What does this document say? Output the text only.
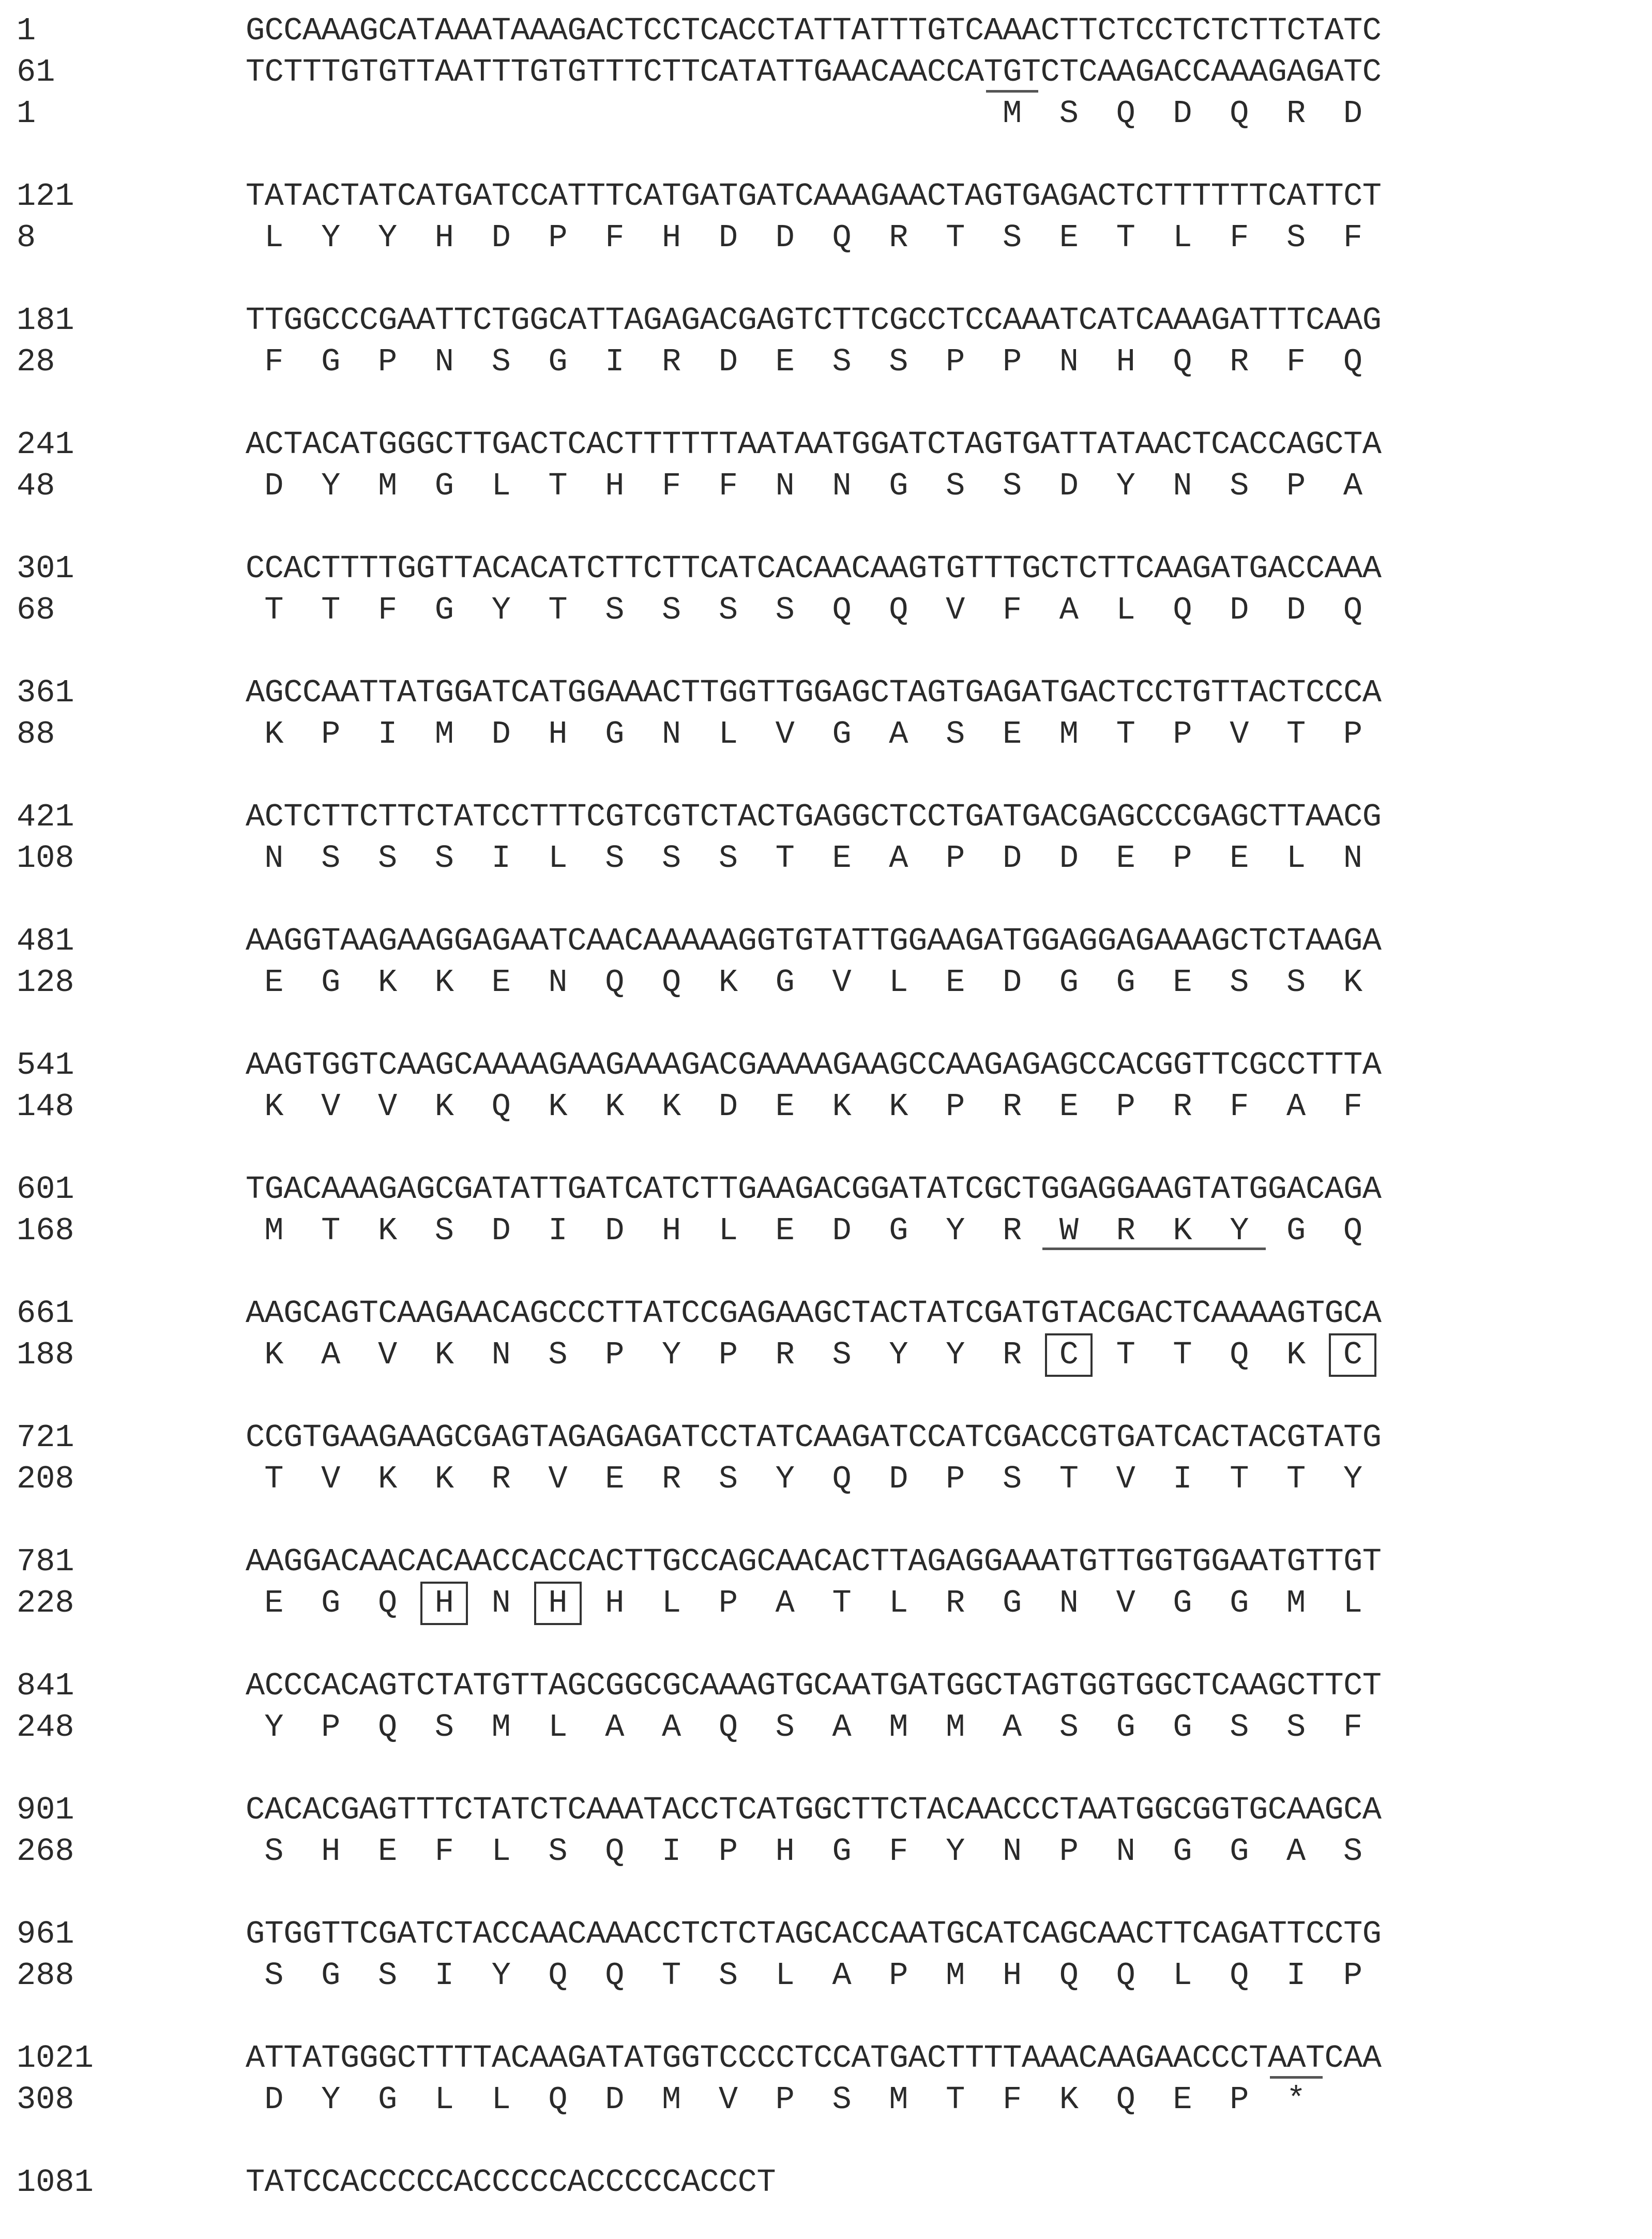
1	GCCAAAGCATAAATAAAGACTCCTCACCTATTATTTGTCAAACTTCTCCTCTCTTCTATC
61	TCTTTGTGTTAATTTGTGTTTCTTCATATTGAACAACCATGTCTCAAGACCAAAGAGATC
1	M	S	Q	D	Q	R	D
121	TATACTATCATGATCCATTTCATGATGATCAAAGAACTAGTGAGACTCTTTTTTCATTCT
8	L	Y	Y	H	D	P	F	H	D	D	Q	R	T	S	E	T	L	F	S	F
181	TTGGCCCGAATTCTGGCATTAGAGACGAGTCTTCGCCTCCAAATCATCAAAGATTTCAAG
28	F	G	P	N	S	G	I	R	D	E	S	S	P	P	N	H	Q	R	F	Q
241	ACTACATGGGCTTGACTCACTTTTTTAATAATGGATCTAGTGATTATAACTCACCAGCTA
48	D	Y	M	G	L	T	H	F	F	N	N	G	S	S	D	Y	N	S	P	A
301	CCACTTTTGGTTACACATCTTCTTCATCACAACAAGTGTTTGCTCTTCAAGATGACCAAA
68	T	T	F	G	Y	T	S	S	S	S	Q	Q	V	F	A	L	Q	D	D	Q
361	AGCCAATTATGGATCATGGAAACTTGGTTGGAGCTAGTGAGATGACTCCTGTTACTCCCA
88	K	P	I	M	D	H	G	N	L	V	G	A	S	E	M	T	P	V	T	P
421	ACTCTTCTTCTATCCTTTCGTCGTCTACTGAGGCTCCTGATGACGAGCCCGAGCTTAACG
108	N	S	S	S	I	L	S	S	S	T	E	A	P	D	D	E	P	E	L	N
481	AAGGTAAGAAGGAGAATCAACAAAAAGGTGTATTGGAAGATGGAGGAGAAAGCTCTAAGA
128	E	G	K	K	E	N	Q	Q	K	G	V	L	E	D	G	G	E	S	S	K
541	AAGTGGTCAAGCAAAAGAAGAAAGACGAAAAGAAGCCAAGAGAGCCACGGTTCGCCTTTA
148	K	V	V	K	Q	K	K	K	D	E	K	K	P	R	E	P	R	F	A	F
601	TGACAAAGAGCGATATTGATCATCTTGAAGACGGATATCGCTGGAGGAAGTATGGACAGA
168	M	T	K	S	D	I	D	H	L	E	D	G	Y	R	W	R	K	Y	G	Q
661	AAGCAGTCAAGAACAGCCCTTATCCGAGAAGCTACTATCGATGTACGACTCAAAAGTGCA
188	K	A	V	K	N	S	P	Y	P	R	S	Y	Y	R	C	T	T	Q	K	C
721	CCGTGAAGAAGCGAGTAGAGAGATCCTATCAAGATCCATCGACCGTGATCACTACGTATG
208	T	V	K	K	R	V	E	R	S	Y	Q	D	P	S	T	V	I	T	T	Y
781	AAGGACAACACAACCACCACTTGCCAGCAACACTTAGAGGAAATGTTGGTGGAATGTTGT
228	E	G	Q	H	N	H	H	L	P	A	T	L	R	G	N	V	G	G	M	L
841	ACCCACAGTCTATGTTAGCGGCGCAAAGTGCAATGATGGCTAGTGGTGGCTCAAGCTTCT
248	Y	P	Q	S	M	L	A	A	Q	S	A	M	M	A	S	G	G	S	S	F
901	CACACGAGTTTCTATCTCAAATACCTCATGGCTTCTACAACCCTAATGGCGGTGCAAGCA
268	S	H	E	F	L	S	Q	I	P	H	G	F	Y	N	P	N	G	G	A	S
961	GTGGTTCGATCTACCAACAAACCTCTCTAGCACCAATGCATCAGCAACTTCAGATTCCTG
288	S	G	S	I	Y	Q	Q	T	S	L	A	P	M	H	Q	Q	L	Q	I	P
1021	ATTATGGGCTTTTACAAGATATGGTCCCCTCCATGACTTTTAAACAAGAACCCTAATCAA
308	D	Y	G	L	L	Q	D	M	V	P	S	M	T	F	K	Q	E	P	*
1081	TATCCACCCCCACCCCCACCCCCACCCT
